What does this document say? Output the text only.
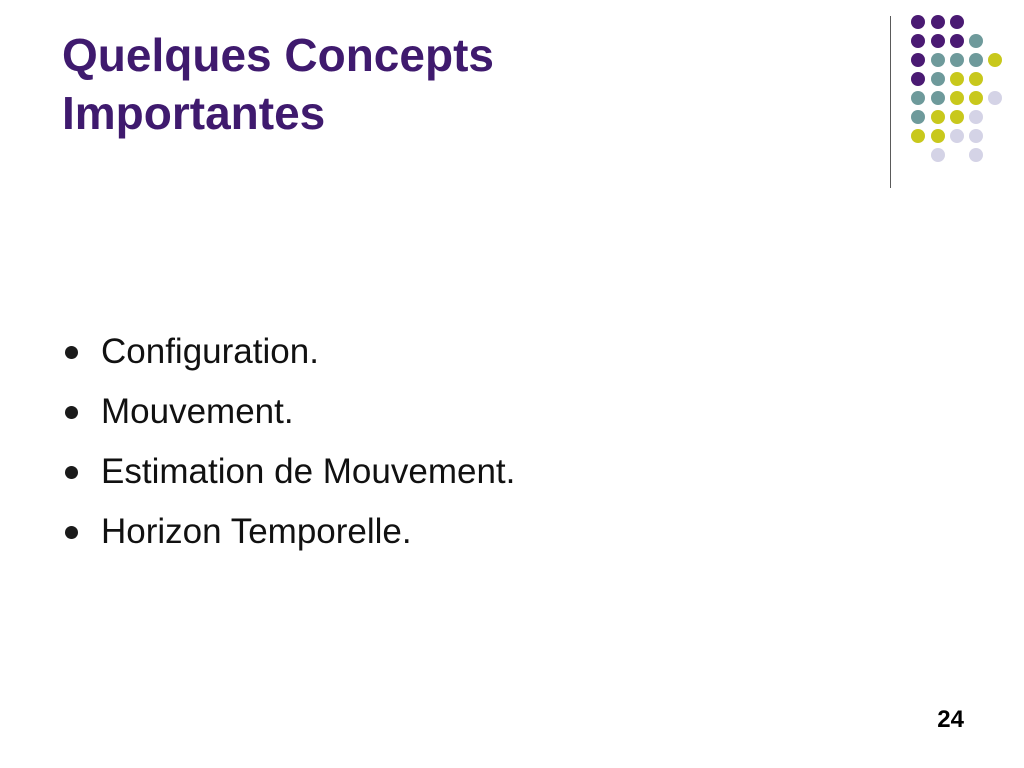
Quelques Concepts
Importantes
Configuration.
Mouvement.
Estimation de Mouvement.
Horizon Temporelle.
24
